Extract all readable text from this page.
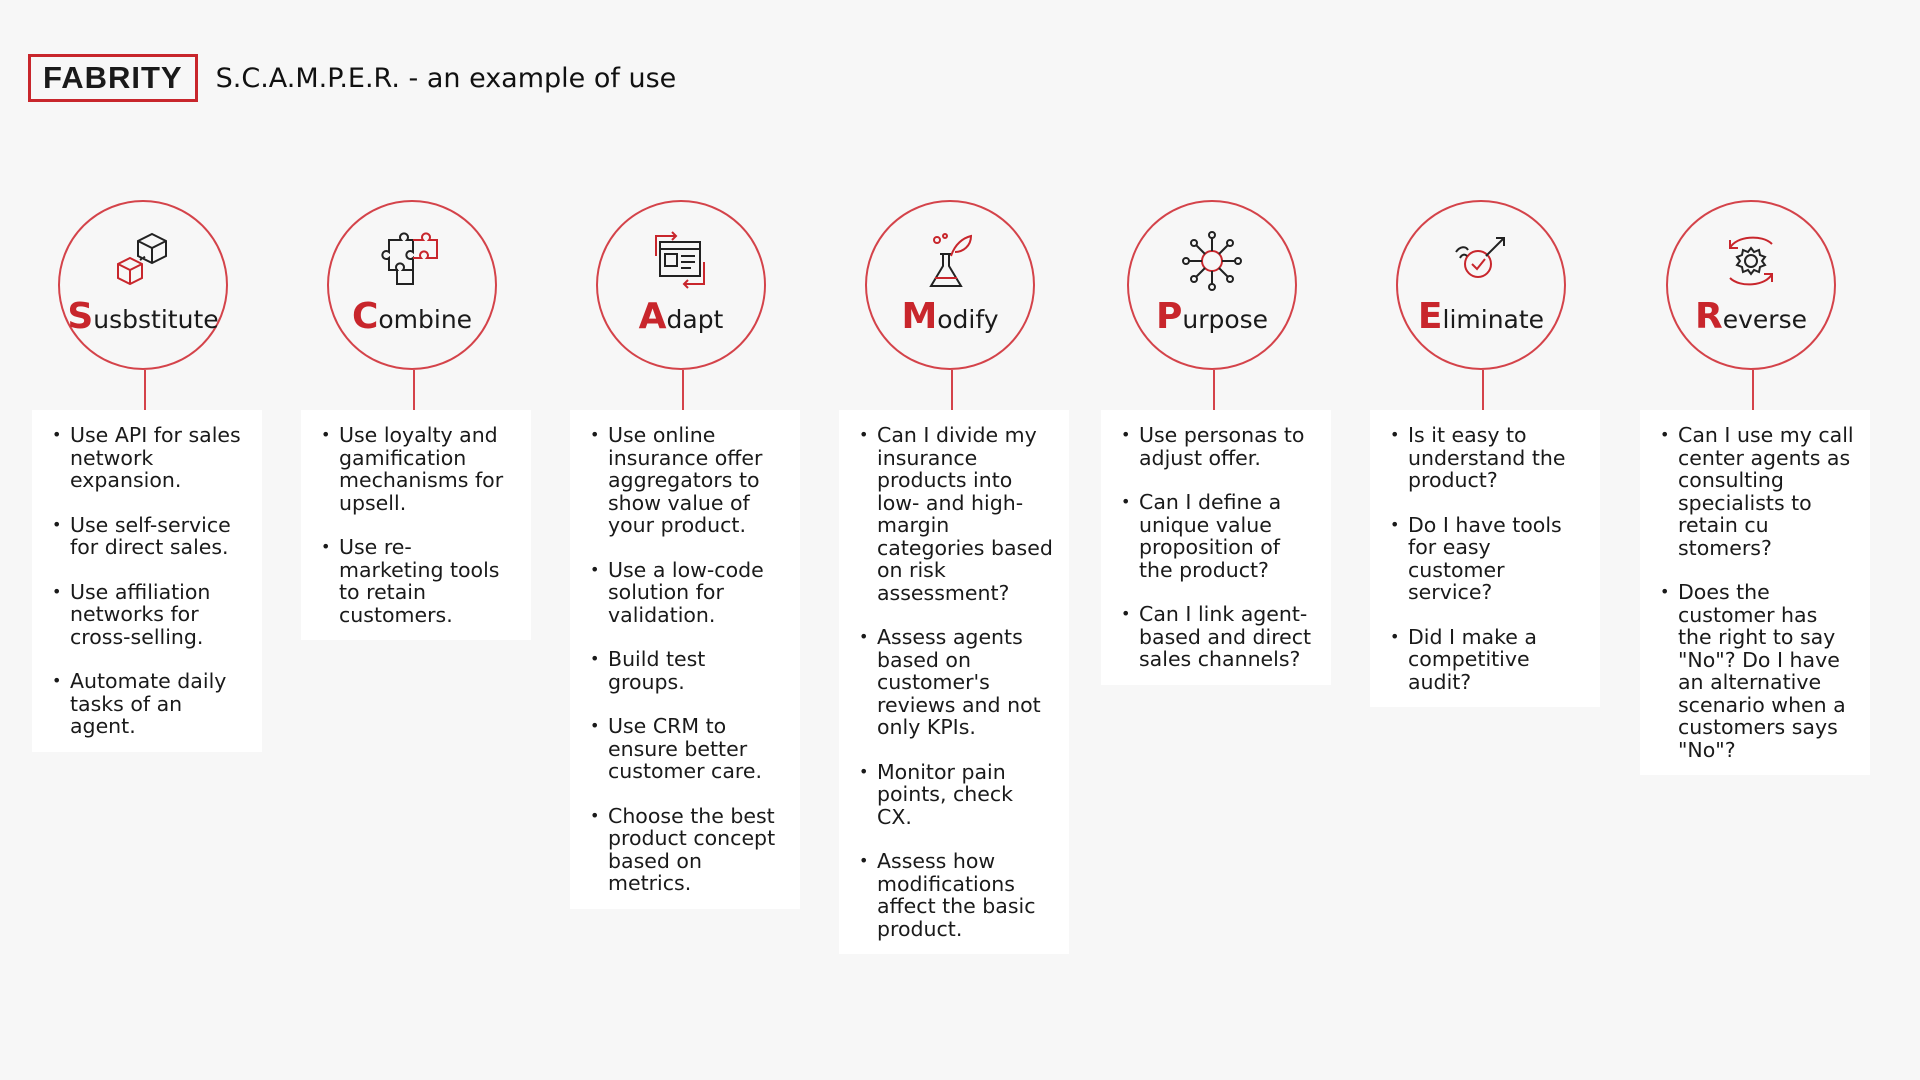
FABRITY	S.C.A.M.P.E.R. - an example of use
Susbstitute
• Use API for sales network expansion.
• Use self-service for direct sales.
• Use affiliation networks for cross-selling.
• Automate daily tasks of an agent.
Combine
• Use loyalty and gamification mechanisms for upsell.
• Use re-marketing tools to retain customers.
Adapt
• Use online insurance offer aggregators to show value of your product.
• Use a low-code solution for validation.
• Build test groups.
• Use CRM to ensure better customer care.
• Choose the best product concept based on metrics.
Modify
• Can I divide my insurance products into low- and high-margin categories based on risk assessment?
• Assess agents based on customer's reviews and not only KPIs.
• Monitor pain points, check CX.
• Assess how modifications affect the basic product.
Purpose
• Use personas to adjust offer.
• Can I define a unique value proposition of the product?
• Can I link agent-based and direct sales channels?
Eliminate
• Is it easy to understand the product?
• Do I have tools for easy customer service?
• Did I make a competitive audit?
Reverse
• Can I use my call center agents as consulting specialists to retain cu stomers?
• Does the customer has the right to say "No"? Do I have an alternative scenario when a customers says "No"?
